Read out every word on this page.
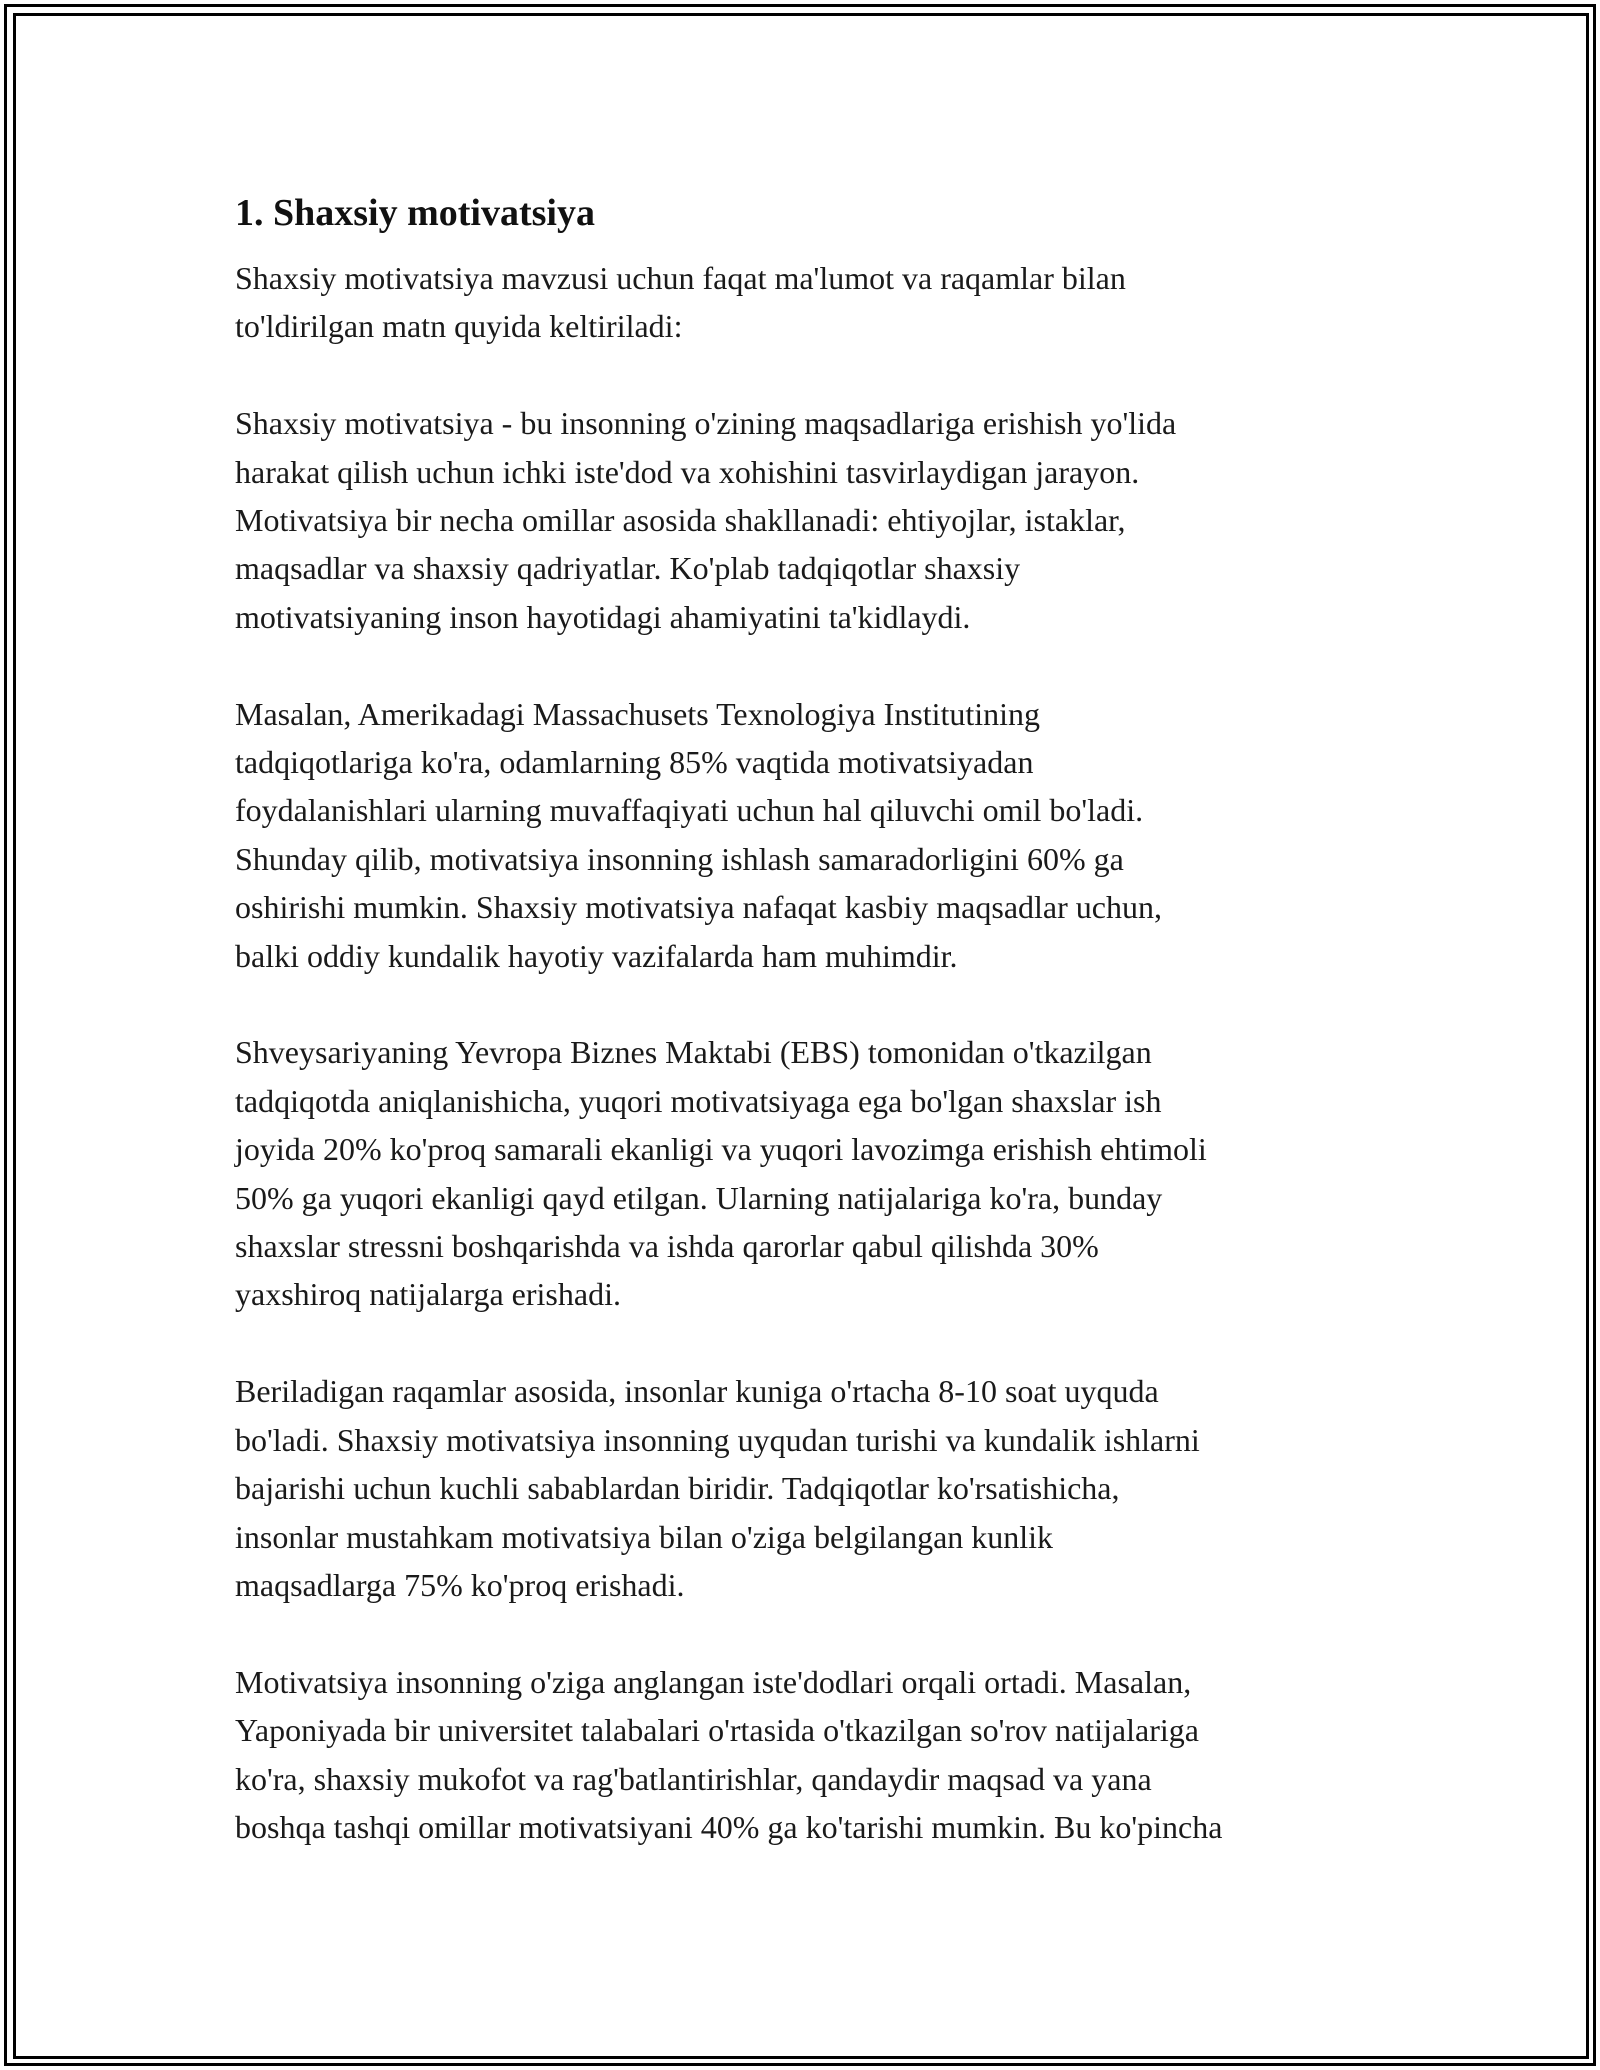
1. Shaxsiy motivatsiya

Shaxsiy motivatsiya mavzusi uchun faqat ma'lumot va raqamlar bilan
to'ldirilgan matn quyida keltiriladi:

Shaxsiy motivatsiya - bu insonning o'zining maqsadlariga erishish yo'lida
harakat qilish uchun ichki iste'dod va xohishini tasvirlaydigan jarayon.
Motivatsiya bir necha omillar asosida shakllanadi: ehtiyojlar, istaklar,
maqsadlar va shaxsiy qadriyatlar. Ko'plab tadqiqotlar shaxsiy
motivatsiyaning inson hayotidagi ahamiyatini ta'kidlaydi.

Masalan, Amerikadagi Massachusets Texnologiya Institutining
tadqiqotlariga ko'ra, odamlarning 85% vaqtida motivatsiyadan
foydalanishlari ularning muvaffaqiyati uchun hal qiluvchi omil bo'ladi.
Shunday qilib, motivatsiya insonning ishlash samaradorligini 60% ga
oshirishi mumkin. Shaxsiy motivatsiya nafaqat kasbiy maqsadlar uchun,
balki oddiy kundalik hayotiy vazifalarda ham muhimdir.

Shveysariyaning Yevropa Biznes Maktabi (EBS) tomonidan o'tkazilgan
tadqiqotda aniqlanishicha, yuqori motivatsiyaga ega bo'lgan shaxslar ish
joyida 20% ko'proq samarali ekanligi va yuqori lavozimga erishish ehtimoli
50% ga yuqori ekanligi qayd etilgan. Ularning natijalariga ko'ra, bunday
shaxslar stressni boshqarishda va ishda qarorlar qabul qilishda 30%
yaxshiroq natijalarga erishadi.

Beriladigan raqamlar asosida, insonlar kuniga o'rtacha 8-10 soat uyquda
bo'ladi. Shaxsiy motivatsiya insonning uyqudan turishi va kundalik ishlarni
bajarishi uchun kuchli sabablardan biridir. Tadqiqotlar ko'rsatishicha,
insonlar mustahkam motivatsiya bilan o'ziga belgilangan kunlik
maqsadlarga 75% ko'proq erishadi.

Motivatsiya insonning o'ziga anglangan iste'dodlari orqali ortadi. Masalan,
Yaponiyada bir universitet talabalari o'rtasida o'tkazilgan so'rov natijalariga
ko'ra, shaxsiy mukofot va rag'batlantirishlar, qandaydir maqsad va yana
boshqa tashqi omillar motivatsiyani 40% ga ko'tarishi mumkin. Bu ko'pincha
